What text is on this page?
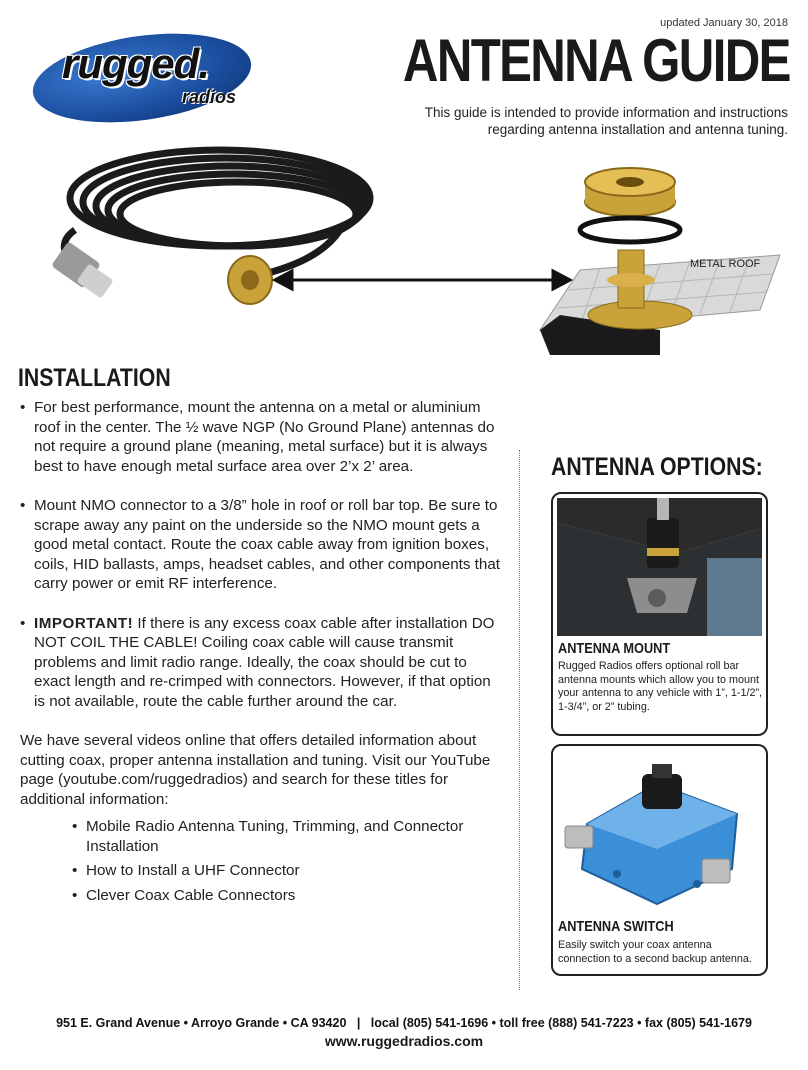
updated January 30, 2018
ANTENNA GUIDE
This guide is intended to provide information and instructions
regarding antenna installation and antenna tuning.
rugged.
radios
METAL ROOF
INSTALLATION
• For best performance, mount the antenna on a metal or aluminium roof in the center. The ½ wave NGP (No Ground Plane) antennas do not require a ground plane (meaning, metal surface) but it is always best to have enough metal surface area over 2’x 2’ area.
• Mount NMO connector to a 3/8” hole in roof or roll bar top. Be sure to scrape away any paint on the underside so the NMO mount gets a good metal contact. Route the coax cable away from ignition boxes, coils, HID ballasts, amps, headset cables, and other components that carry power or emit RF interference.
• IMPORTANT! If there is any excess coax cable after installation DO NOT COIL THE CABLE! Coiling coax cable will cause transmit problems and limit radio range. Ideally, the coax should be cut to exact length and re-crimped with connectors. However, if that option is not available, route the cable further around the car.

We have several videos online that offers detailed information about cutting coax, proper antenna installation and tuning. Visit our YouTube page (youtube.com/ruggedradios) and search for these titles for additional information:

• Mobile Radio Antenna Tuning, Trimming, and Connector Installation
• How to Install a UHF Connector
• Clever Coax Cable Connectors
ANTENNA OPTIONS:
ANTENNA MOUNT
Rugged Radios offers optional roll bar antenna mounts which allow you to mount your antenna to any vehicle with 1”, 1-1/2”, 1-3/4”, or 2” tubing.
ANTENNA SWITCH
Easily switch your coax antenna connection to a second backup antenna.
951 E. Grand Avenue • Arroyo Grande • CA 93420   |   local (805) 541-1696 • toll free (888) 541-7223 • fax (805) 541-1679
www.ruggedradios.com
